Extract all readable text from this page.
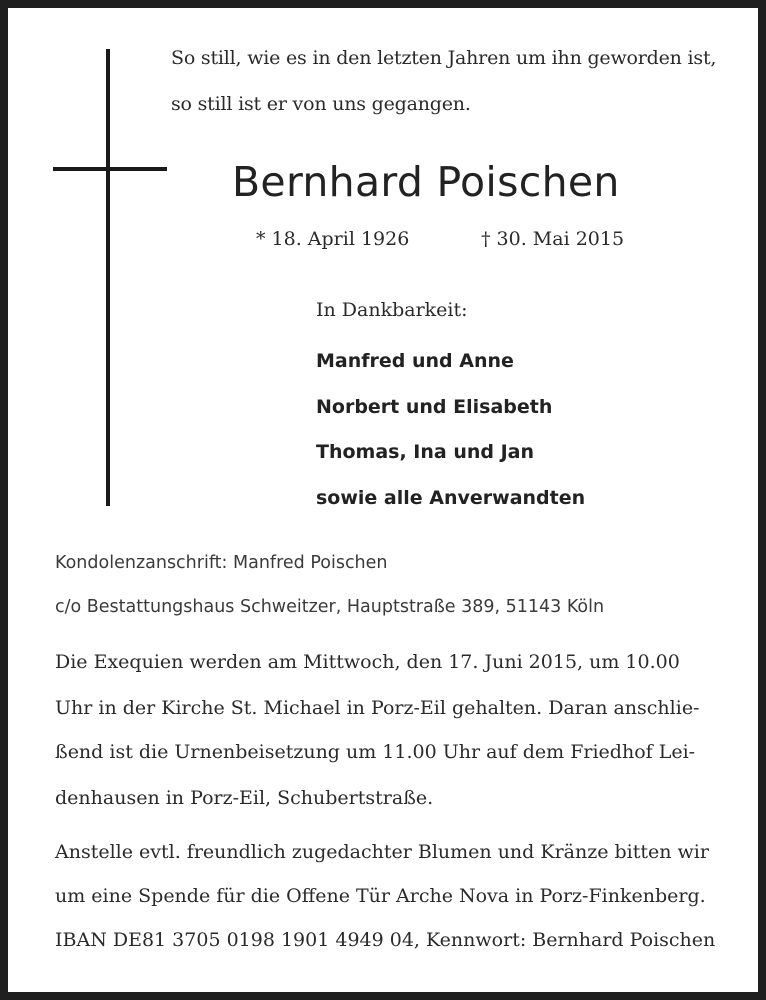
So still, wie es in den letzten Jahren um ihn geworden ist,
so still ist er von uns gegangen.
Bernhard Poischen
* 18. April 1926	† 30. Mai 2015
In Dankbarkeit:
Manfred und Anne
Norbert und Elisabeth
Thomas, Ina und Jan
sowie alle Anverwandten
Kondolenzanschrift: Manfred Poischen
c/o Bestattungshaus Schweitzer, Hauptstraße 389, 51143 Köln
Die Exequien werden am Mittwoch, den 17. Juni 2015, um 10.00
Uhr in der Kirche St. Michael in Porz-Eil gehalten. Daran anschlie-
ßend ist die Urnenbeisetzung um 11.00 Uhr auf dem Friedhof Lei-
denhausen in Porz-Eil, Schubertstraße.
Anstelle evtl. freundlich zugedachter Blumen und Kränze bitten wir
um eine Spende für die Offene Tür Arche Nova in Porz-Finkenberg.
IBAN DE81 3705 0198 1901 4949 04, Kennwort: Bernhard Poischen
